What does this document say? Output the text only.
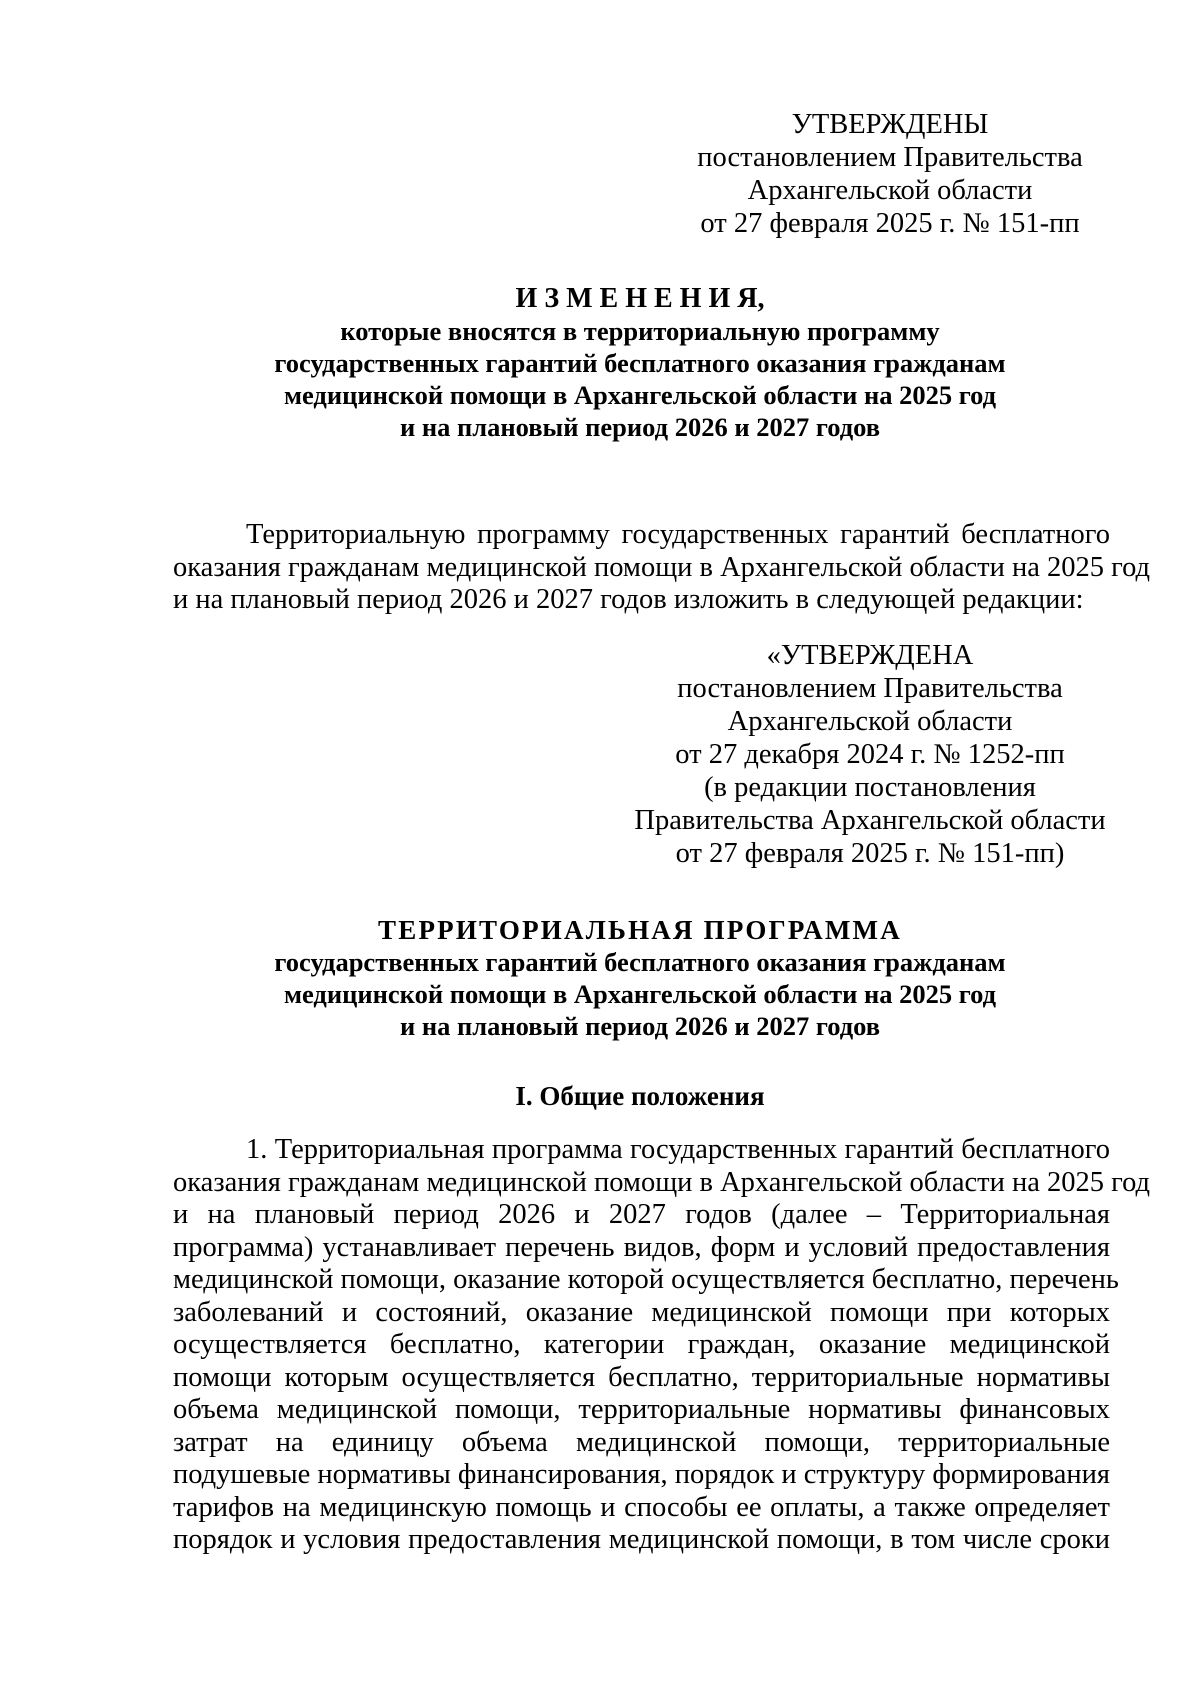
УТВЕРЖДЕНЫ
постановлением Правительства
Архангельской области
от 27 февраля 2025 г. № 151-пп
И З М Е Н Е Н И Я,
которые вносятся в территориальную программу
государственных гарантий бесплатного оказания гражданам
медицинской помощи в Архангельской области на 2025 год
и на плановый период 2026 и 2027 годов
Территориальную программу государственных гарантий бесплатного
оказания гражданам медицинской помощи в Архангельской области на 2025 год
и на плановый период 2026 и 2027 годов изложить в следующей редакции:
«УТВЕРЖДЕНА
постановлением Правительства
Архангельской области
от 27 декабря 2024 г. № 1252-пп
(в редакции постановления
Правительства Архангельской области
от 27 февраля 2025 г. № 151-пп)
ТЕРРИТОРИАЛЬНАЯ ПРОГРАММА
государственных гарантий бесплатного оказания гражданам
медицинской помощи в Архангельской области на 2025 год
и на плановый период 2026 и 2027 годов
I. Общие положения
1. Территориальная программа государственных гарантий бесплатного
оказания гражданам медицинской помощи в Архангельской области на 2025 год
и на плановый период 2026 и 2027 годов (далее – Территориальная
программа) устанавливает перечень видов, форм и условий предоставления
медицинской помощи, оказание которой осуществляется бесплатно, перечень
заболеваний и состояний, оказание медицинской помощи при которых
осуществляется бесплатно, категории граждан, оказание медицинской
помощи которым осуществляется бесплатно, территориальные нормативы
объема медицинской помощи, территориальные нормативы финансовых
затрат на единицу объема медицинской помощи, территориальные
подушевые нормативы финансирования, порядок и структуру формирования
тарифов на медицинскую помощь и способы ее оплаты, а также определяет
порядок и условия предоставления медицинской помощи, в том числе сроки
